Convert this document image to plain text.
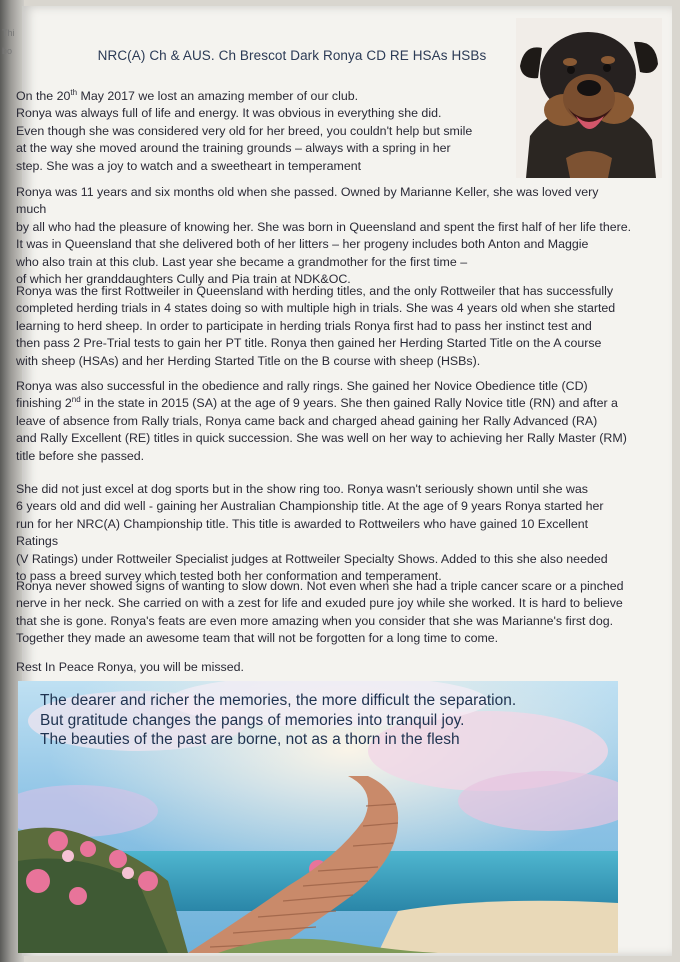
Thi
bo	NRC(A) Ch & AUS. Ch Brescot Dark Ronya CD RE HSAs HSBs

On the 20th May 2017 we lost an amazing member of our club.

Ronya was always full of life and energy. It was obvious in everything she did.

Even though she was considered very old for her breed, you couldn't help but smile

at the way she moved around the training grounds – always with a spring in her

step. She was a joy to watch and a sweetheart in temperament

Ronya was 11 years and six months old when she passed. Owned by Marianne Keller, she was loved very much

by all who had the pleasure of knowing her. She was born in Queensland and spent the first half of her life there.

It was in Queensland that she delivered both of her litters – her progeny includes both Anton and Maggie

who also train at this club. Last year she became a grandmother for the first time –

of which her granddaughters Cully and Pia train at NDK&OC.

Ronya was the first Rottweiler in Queensland with herding titles, and the only Rottweiler that has successfully

completed herding trials in 4 states doing so with multiple high in trials. She was 4 years old when she started

learning to herd sheep. In order to participate in herding trials Ronya first had to pass her instinct test and

then pass 2 Pre-Trial tests to gain her PT title. Ronya then gained her Herding Started Title on the A course

with sheep (HSAs) and her Herding Started Title on the B course with sheep (HSBs).

Ronya was also successful in the obedience and rally rings. She gained her Novice Obedience title (CD)

finishing 2nd in the state in 2015 (SA) at the age of 9 years. She then gained Rally Novice title (RN) and after a

leave of absence from Rally trials, Ronya came back and charged ahead gaining her Rally Advanced (RA)

and Rally Excellent (RE) titles in quick succession. She was well on her way to achieving her Rally Master (RM)

title before she passed.

She did not just excel at dog sports but in the show ring too. Ronya wasn't seriously shown until she was

6 years old and did well - gaining her Australian Championship title. At the age of 9 years Ronya started her

run for her NRC(A) Championship title. This title is awarded to Rottweilers who have gained 10 Excellent Ratings

(V Ratings) under Rottweiler Specialist judges at Rottweiler Specialty Shows. Added to this she also needed

to pass a breed survey which tested both her conformation and temperament.

Ronya never showed signs of wanting to slow down. Not even when she had a triple cancer scare or a pinched

nerve in her neck. She carried on with a zest for life and exuded pure joy while she worked. It is hard to believe

that she is gone. Ronya's feats are even more amazing when you consider that she was Marianne's first dog.

Together they made an awesome team that will not be forgotten for a long time to come.

Rest In Peace Ronya, you will be missed.

The dearer and richer the memories, the more difficult the separation.
But gratitude changes the pangs of memories into tranquil joy.
The beauties of the past are borne, not as a thorn in the flesh
